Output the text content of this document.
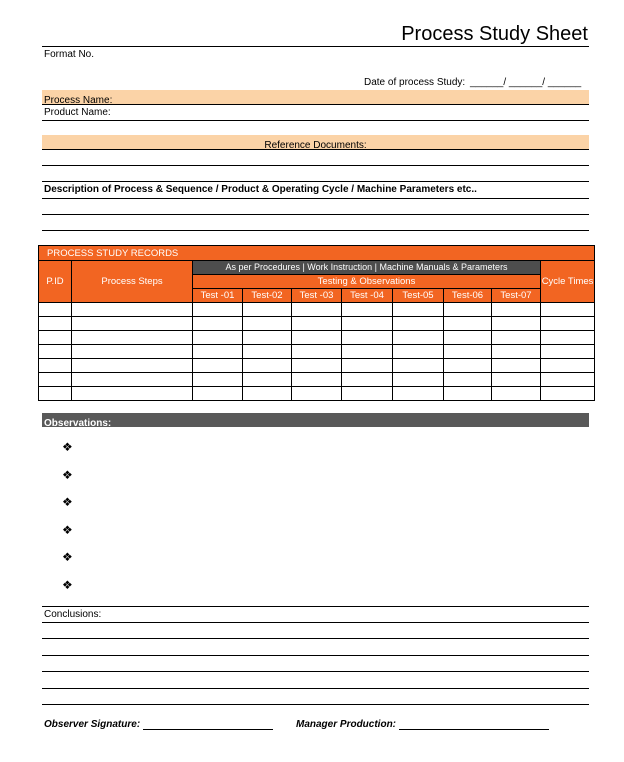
Process Study Sheet
Format No.
Date of process Study: ______/ ______/ ______
Process Name:
Product Name:
Reference Documents:
Description of Process & Sequence / Product & Operating Cycle / Machine Parameters etc..
PROCESS STUDY RECORDS									
P.ID	Process Steps	As per Procedures | Work Instruction | Machine Manuals & Parameters							Cycle Times
		Testing & Observations							
		Test -01	Test-02	Test -03	Test -04	Test-05	Test-06	Test-07	

Observations:
❖
❖
❖
❖
❖
❖
Conclusions:
Observer Signature:	Manager Production:
